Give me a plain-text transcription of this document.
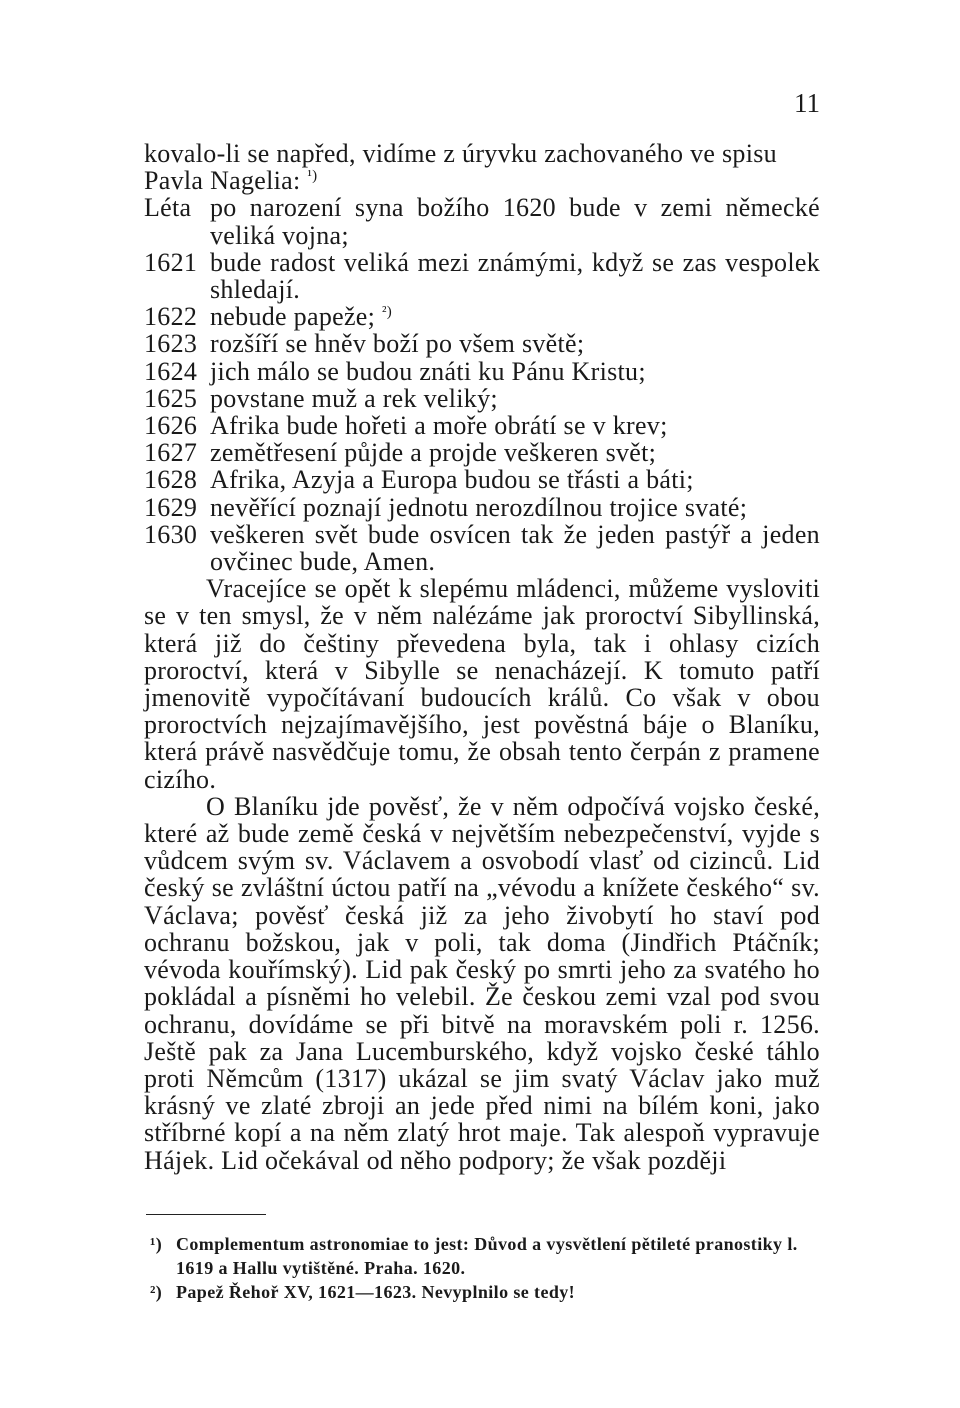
11

kovalo-li se napřed, vidíme z úryvku zachovaného ve spisu

Pavla Nagelia: $^{^1)}$

Léta po narození syna božího 1620 bude v zemi německé veliká vojna;
1621 bude radost veliká mezi známými, když se zas vespolek shledají.
1622 nebude papeže; $^{^2)}$
1623 rozšíří se hněv boží po všem světě;
1624 jich málo se budou znáti ku Pánu Kristu;
1625 povstane muž a rek veliký;
1626 Afrika bude hořeti a moře obrátí se v krev;
1627 zemětřesení půjde a projde veškeren svět;
1628 Afrika, Azyja a Europa budou se třásti a báti;
1629 nevěřící poznají jednotu nerozdílnou trojice svaté;
1630 veškeren svět bude osvícen tak že jeden pastýř a jeden ovčinec bude, Amen.

Vracejíce se opět k slepému mládenci, můžeme vysloviti se v ten smysl, že v něm nalézáme jak proroctví Sibyllinská, která již do češtiny převedena byla, tak i ohlasy cizích proroctví, která v Sibylle se nenacházejí. K tomuto patří jmenovitě vypočítávaní budoucích králů. Co však v obou proroctvích nejzajímavějšího, jest pověstná báje o Blaníku, která právě nasvědčuje tomu, že obsah tento čerpán z pramene cizího.

O Blaníku jde pověsť, že v něm odpočívá vojsko české, které až bude země česká v největším nebezpečenství, vyjde s vůdcem svým sv. Václavem a osvobodí vlasť od cizinců. Lid český se zvláštní úctou patří na „vévodu a knížete českého“ sv. Václava; pověsť česká již za jeho živobytí ho staví pod ochranu božskou, jak v poli, tak doma (Jindřich Ptáčník; vévoda kouřímský). Lid pak český po smrti jeho za svatého ho pokládal a písněmi ho velebil. Že českou zemi vzal pod svou ochranu, dovídáme se při bitvě na moravském poli r. 1256. Ještě pak za Jana Lucemburského, když vojsko české táhlo proti Němcům (1317) ukázal se jim svatý Václav jako muž krásný ve zlaté zbroji an jede před nimi na bílém koni, jako stříbrné kopí a na něm zlatý hrot maje. Tak alespoň vypravuje Hájek. Lid očekával od něho podpory; že však později

¹) Complementum astronomiae to jest: Důvod a vysvětlení pětileté pranostiky l. 1619 a Hallu vytištěné. Praha. 1620.
²) Papež Řehoř XV, 1621—1623. Nevyplnilo se tedy!
